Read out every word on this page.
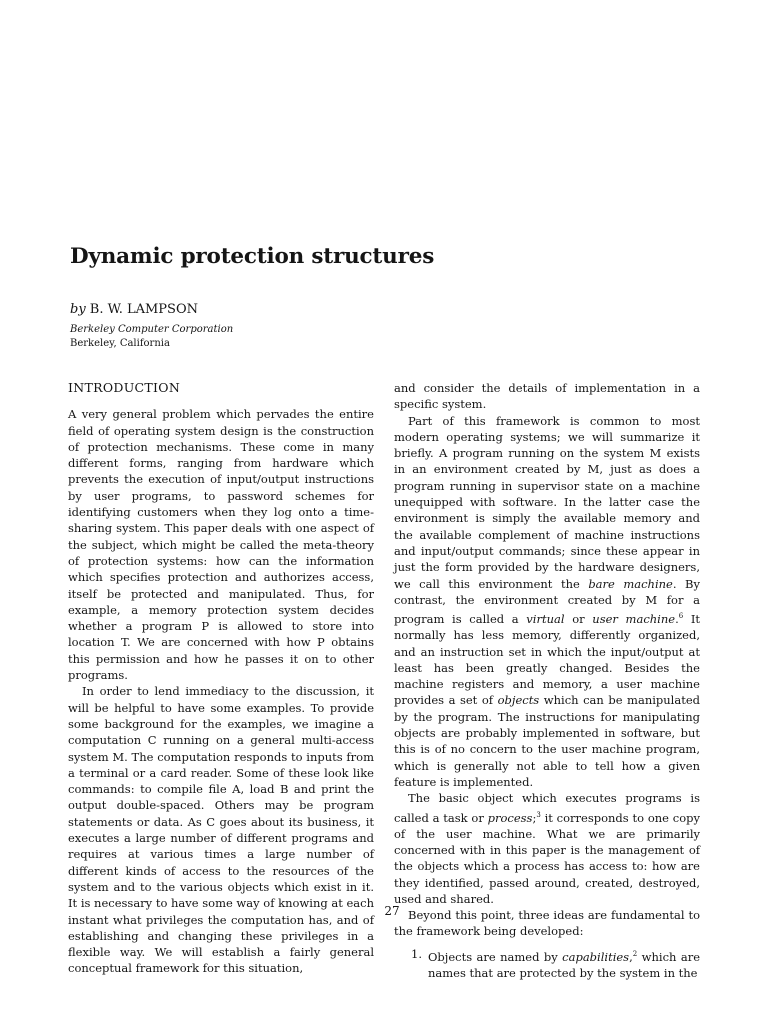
Dynamic protection structures
by B. W. LAMPSON
Berkeley Computer Corporation
Berkeley, California
INTRODUCTION

A very general problem which pervades the entire field of operating system design is the construction of protection mechanisms. These come in many different forms, ranging from hardware which prevents the execution of input/output instructions by user programs, to password schemes for identifying customers when they log onto a time-sharing system. This paper deals with one aspect of the subject, which might be called the meta-theory of protection systems: how can the information which specifies protection and authorizes access, itself be protected and manipulated. Thus, for example, a memory protection system decides whether a program P is allowed to store into location T. We are concerned with how P obtains this permission and how he passes it on to other programs.

In order to lend immediacy to the discussion, it will be helpful to have some examples. To provide some background for the examples, we imagine a computation C running on a general multi-access system M. The computation responds to inputs from a terminal or a card reader. Some of these look like commands: to compile file A, load B and print the output double-spaced. Others may be program statements or data. As C goes about its business, it executes a large number of different programs and requires at various times a large number of different kinds of access to the resources of the system and to the various objects which exist in it. It is necessary to have some way of knowing at each instant what privileges the computation has, and of establishing and changing these privileges in a flexible way. We will establish a fairly general conceptual framework for this situation,

and consider the details of implementation in a specific system.

Part of this framework is common to most modern operating systems; we will summarize it briefly. A program running on the system M exists in an environment created by M, just as does a program running in supervisor state on a machine unequipped with software. In the latter case the environment is simply the available memory and the available complement of machine instructions and input/output commands; since these appear in just the form provided by the hardware designers, we call this environment the bare machine. By contrast, the environment created by M for a program is called a virtual or user machine.$^6$ It normally has less memory, differently organized, and an instruction set in which the input/output at least has been greatly changed. Besides the machine registers and memory, a user machine provides a set of objects which can be manipulated by the program. The instructions for manipulating objects are probably implemented in software, but this is of no concern to the user machine program, which is generally not able to tell how a given feature is implemented.

The basic object which executes programs is called a task or process;$^3$ it corresponds to one copy of the user machine. What we are primarily concerned with in this paper is the management of the objects which a process has access to: how are they identified, passed around, created, destroyed, used and shared.

Beyond this point, three ideas are fundamental to the framework being developed:

1. Objects are named by capabilities,$^2$ which are names that are protected by the system in the
27
